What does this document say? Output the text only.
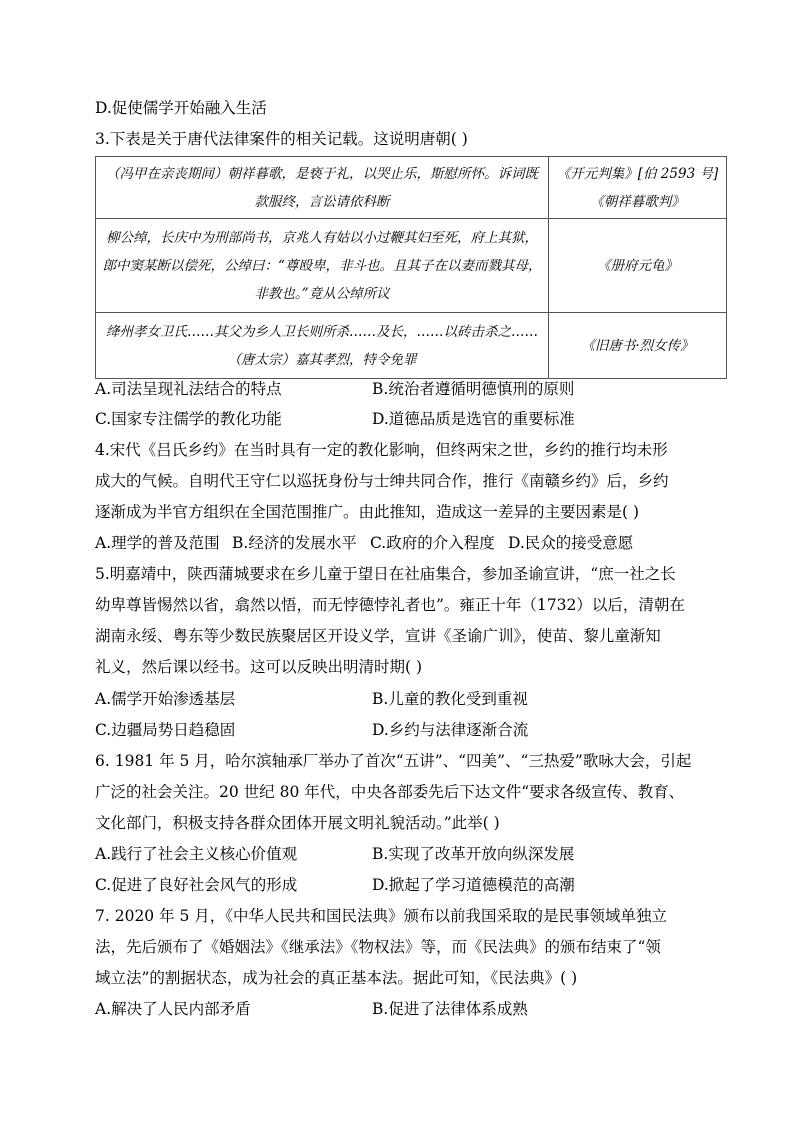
D.促使儒学开始融入生活
3.下表是关于唐代法律案件的相关记载。这说明唐朝( )
（冯甲在亲丧期间）朝祥暮歌，是亵于礼，以哭止乐，斯慰所怀。诉词既款服终，言讼请依科断	《开元判集》[伯 2593 号]《朝祥暮歌判》

柳公绰，长庆中为刑部尚书，京兆人有姑以小过鞭其妇至死，府上其狱，郎中窦某断以偿死，公绰曰：“尊殴卑，非斗也。且其子在以妻而戮其母，非教也。”竟从公绰所议	《册府元龟》

绛州孝女卫氏……其父为乡人卫长则所杀……及长，……以砖击杀之……（唐太宗）嘉其孝烈，特令免罪	《旧唐书·烈女传》
A.司法呈现礼法结合的特点	B.统治者遵循明德慎刑的原则
C.国家专注儒学的教化功能	D.道德品质是选官的重要标准
4.宋代《吕氏乡约》在当时具有一定的教化影响，但终两宋之世，乡约的推行均未形
成大的气候。自明代王守仁以巡抚身份与士绅共同合作，推行《南赣乡约》后，乡约
逐渐成为半官方组织在全国范围推广。由此推知，造成这一差异的主要因素是( )
A.理学的普及范围 B.经济的发展水平 C.政府的介入程度 D.民众的接受意愿
5.明嘉靖中，陕西蒲城要求在乡儿童于望日在社庙集合，参加圣谕宣讲，“庶一社之长
幼卑尊皆惕然以省，翕然以悟，而无悖德悖礼者也”。雍正十年（1732）以后，清朝在
湖南永绥、粤东等少数民族聚居区开设义学，宣讲《圣谕广训》，使苗、黎儿童渐知
礼义，然后课以经书。这可以反映出明清时期( )
A.儒学开始渗透基层	B.儿童的教化受到重视
C.边疆局势日趋稳固	D.乡约与法律逐渐合流
6. 1981 年 5 月，哈尔滨轴承厂举办了首次“五讲”、“四美”、“三热爱”歌咏大会，引起
广泛的社会关注。20 世纪 80 年代，中央各部委先后下达文件“要求各级宣传、教育、
文化部门，积极支持各群众团体开展文明礼貌活动。”此举( )
A.践行了社会主义核心价值观	B.实现了改革开放向纵深发展
C.促进了良好社会风气的形成	D.掀起了学习道德模范的高潮
7. 2020 年 5 月，《中华人民共和国民法典》颁布以前我国采取的是民事领域单独立
法，先后颁布了《婚姻法》《继承法》《物权法》等，而《民法典》的颁布结束了“领
域立法”的割据状态，成为社会的真正基本法。据此可知，《民法典》( )
A.解决了人民内部矛盾	B.促进了法律体系成熟
